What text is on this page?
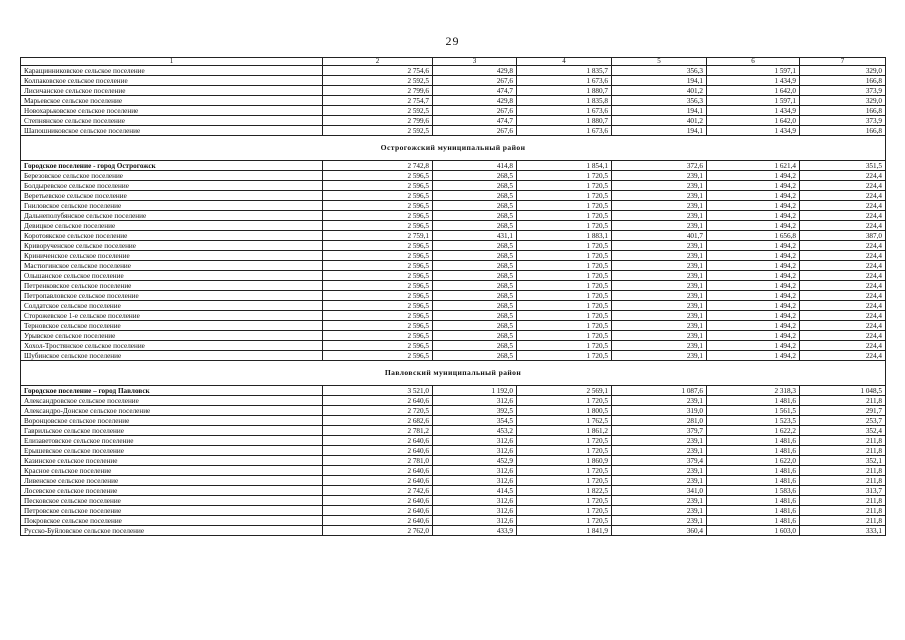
29
1	2	3	4	5	6	7
Каращинниковское сельское поселение	2 754,6	429,8	1 835,7	356,3	1 597,1	329,0
Колпаковское сельское поселение	2 592,5	267,6	1 673,6	194,1	1 434,9	166,8
Лисичанское сельское поселение	2 799,6	474,7	1 880,7	401,2	1 642,0	373,9
Марьевское сельское поселение	2 754,7	429,8	1 835,8	356,3	1 597,1	329,0
Новохарьковское сельское поселение	2 592,5	267,6	1 673,6	194,1	1 434,9	166,8
Степнянское сельское поселение	2 799,6	474,7	1 880,7	401,2	1 642,0	373,9
Шапошниковское сельское поселение	2 592,5	267,6	1 673,6	194,1	1 434,9	166,8
Острогожский муниципальный район						
Городское поселение - город Острогожск	2 742,8	414,8	1 854,1	372,6	1 621,4	351,5
Березовское сельское поселение	2 596,5	268,5	1 720,5	239,1	1 494,2	224,4
Болдыревское сельское поселение	2 596,5	268,5	1 720,5	239,1	1 494,2	224,4
Веретьевское сельское поселение	2 596,5	268,5	1 720,5	239,1	1 494,2	224,4
Гниловское сельское поселение	2 596,5	268,5	1 720,5	239,1	1 494,2	224,4
Дальнеполубянское сельское поселение	2 596,5	268,5	1 720,5	239,1	1 494,2	224,4
Девицкое сельское поселение	2 596,5	268,5	1 720,5	239,1	1 494,2	224,4
Коротоякское сельское поселение	2 759,1	431,1	1 883,1	401,7	1 656,8	387,0
Криворученское сельское поселение	2 596,5	268,5	1 720,5	239,1	1 494,2	224,4
Криниченское сельское поселение	2 596,5	268,5	1 720,5	239,1	1 494,2	224,4
Мастюгинское сельское поселение	2 596,5	268,5	1 720,5	239,1	1 494,2	224,4
Ольшанское сельское поселение	2 596,5	268,5	1 720,5	239,1	1 494,2	224,4
Петренковское сельское поселение	2 596,5	268,5	1 720,5	239,1	1 494,2	224,4
Петропавловское сельское поселение	2 596,5	268,5	1 720,5	239,1	1 494,2	224,4
Солдатское сельское поселение	2 596,5	268,5	1 720,5	239,1	1 494,2	224,4
Сторожевское 1-е сельское поселение	2 596,5	268,5	1 720,5	239,1	1 494,2	224,4
Терновское сельское поселение	2 596,5	268,5	1 720,5	239,1	1 494,2	224,4
Урывское сельское поселение	2 596,5	268,5	1 720,5	239,1	1 494,2	224,4
Хохол-Тростянское сельское поселение	2 596,5	268,5	1 720,5	239,1	1 494,2	224,4
Шубинское сельское поселение	2 596,5	268,5	1 720,5	239,1	1 494,2	224,4
Павловский муниципальный район						
Городское поселение – город Павловск	3 521,0	1 192,0	2 569,1	1 087,6	2 318,3	1 048,5
Александровское сельское поселение	2 640,6	312,6	1 720,5	239,1	1 481,6	211,8
Александро-Донское сельское поселение	2 720,5	392,5	1 800,5	319,0	1 561,5	291,7
Воронцовское сельское поселение	2 682,6	354,5	1 762,5	281,0	1 523,5	253,7
Гаврильское сельское поселение	2 781,2	453,2	1 861,2	379,7	1 622,2	352,4
Елизаветовское сельское поселение	2 640,6	312,6	1 720,5	239,1	1 481,6	211,8
Ерышевское сельское поселение	2 640,6	312,6	1 720,5	239,1	1 481,6	211,8
Казинское сельское поселение	2 781,0	452,9	1 860,9	379,4	1 622,0	352,1
Красное сельское поселение	2 640,6	312,6	1 720,5	239,1	1 481,6	211,8
Ливенское сельское поселение	2 640,6	312,6	1 720,5	239,1	1 481,6	211,8
Лосевское сельское поселение	2 742,6	414,5	1 822,5	341,0	1 583,6	313,7
Песковское сельское поселение	2 640,6	312,6	1 720,5	239,1	1 481,6	211,8
Петровское сельское поселение	2 640,6	312,6	1 720,5	239,1	1 481,6	211,8
Покровское сельское поселение	2 640,6	312,6	1 720,5	239,1	1 481,6	211,8
Русско-Буйловское сельское поселение	2 762,0	433,9	1 841,9	360,4	1 603,0	333,1
